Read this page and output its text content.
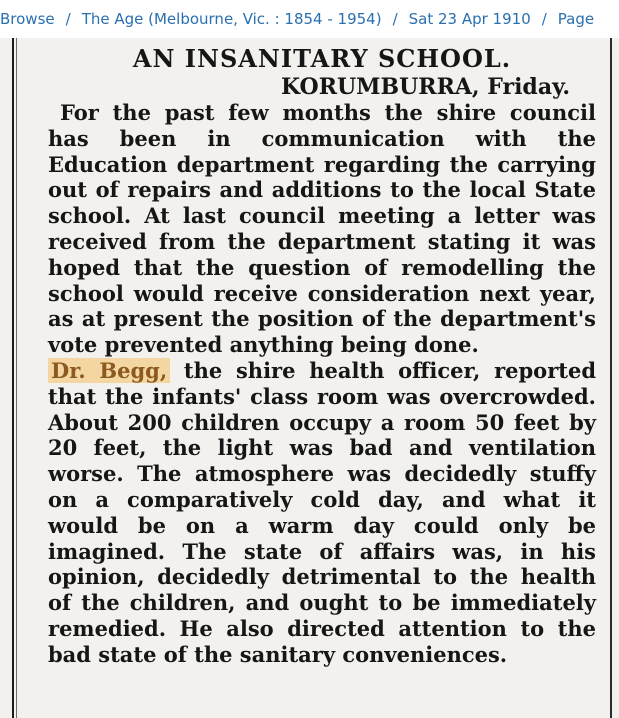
Browse / The Age (Melbourne, Vic. : 1854 - 1954) / Sat 23 Apr 1910 / Page
AN INSANITARY SCHOOL.
KORUMBURRA, Friday.

For the past few months the shire council has been in communication with the Education department regarding the carrying out of repairs and additions to the local State school. At last council meeting a letter was received from the department stating it was hoped that the question of remodelling the school would receive consideration next year, as at present the position of the department's vote prevented anything being done.

Dr. Begg, the shire health officer, reported that the infants' class room was overcrowded. About 200 children occupy a room 50 feet by 20 feet, the light was bad and ventilation worse. The atmosphere was decidedly stuffy on a comparatively cold day, and what it would be on a warm day could only be imagined. The state of affairs was, in his opinion, decidedly detrimental to the health of the children, and ought to be immediately remedied. He also directed attention to the bad state of the sanitary conveniences.
